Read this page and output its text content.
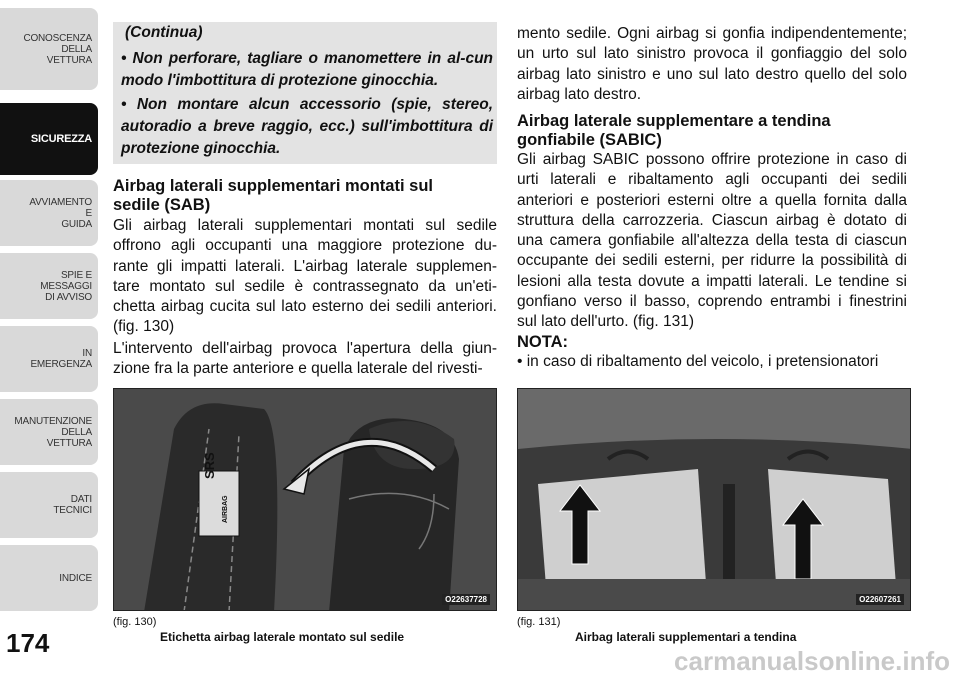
CONOSCENZA
DELLA
VETTURA
SICUREZZA
AVVIAMENTO
E
GUIDA
SPIE E
MESSAGGI
DI AVVISO
IN
EMERGENZA
MANUTENZIONE
DELLA
VETTURA
DATI
TECNICI
INDICE
174
(Continua)
• Non perforare, tagliare o manomettere in al-cun modo l'imbottitura di protezione ginocchia.
• Non montare alcun accessorio (spie, stereo, autoradio a breve raggio, ecc.) sull'imbottitura di protezione ginocchia.
Airbag laterali supplementari montati sul sedile (SAB)
Gli airbag laterali supplementari montati sul sedile offrono agli occupanti una maggiore protezione du-rante gli impatti laterali. L'airbag laterale supplemen-tare montato sul sedile è contrassegnato da un'eti-chetta airbag cucita sul lato esterno dei sedili anteriori. (fig. 130)
L'intervento dell'airbag provoca l'apertura della giun-zione fra la parte anteriore e quella laterale del rivesti-
mento sedile. Ogni airbag si gonfia indipendentemente; un urto sul lato sinistro provoca il gonfiaggio del solo airbag lato sinistro e uno sul lato destro quello del solo airbag lato destro.
Airbag laterale supplementare a tendina gonfiabile (SABIC)
Gli airbag SABIC possono offrire protezione in caso di urti laterali e ribaltamento agli occupanti dei sedili anteriori e posteriori esterni oltre a quella fornita dalla struttura della carrozzeria. Ciascun airbag è dotato di una camera gonfiabile all'altezza della testa di ciascun occupante dei sedili esterni, per ridurre la possibilità di lesioni alla testa dovute a impatti laterali. Le tendine si gonfiano verso il basso, coprendo entrambi i finestrini sul lato dell'urto. (fig. 131)
NOTA:
• in caso di ribaltamento del veicolo, i pretensionatori
SRS
AIRBAG
O22637728
(fig. 130)
Etichetta airbag laterale montato sul sedile
O22607261
(fig. 131)
Airbag laterali supplementari a tendina
carmanualsonline.info
